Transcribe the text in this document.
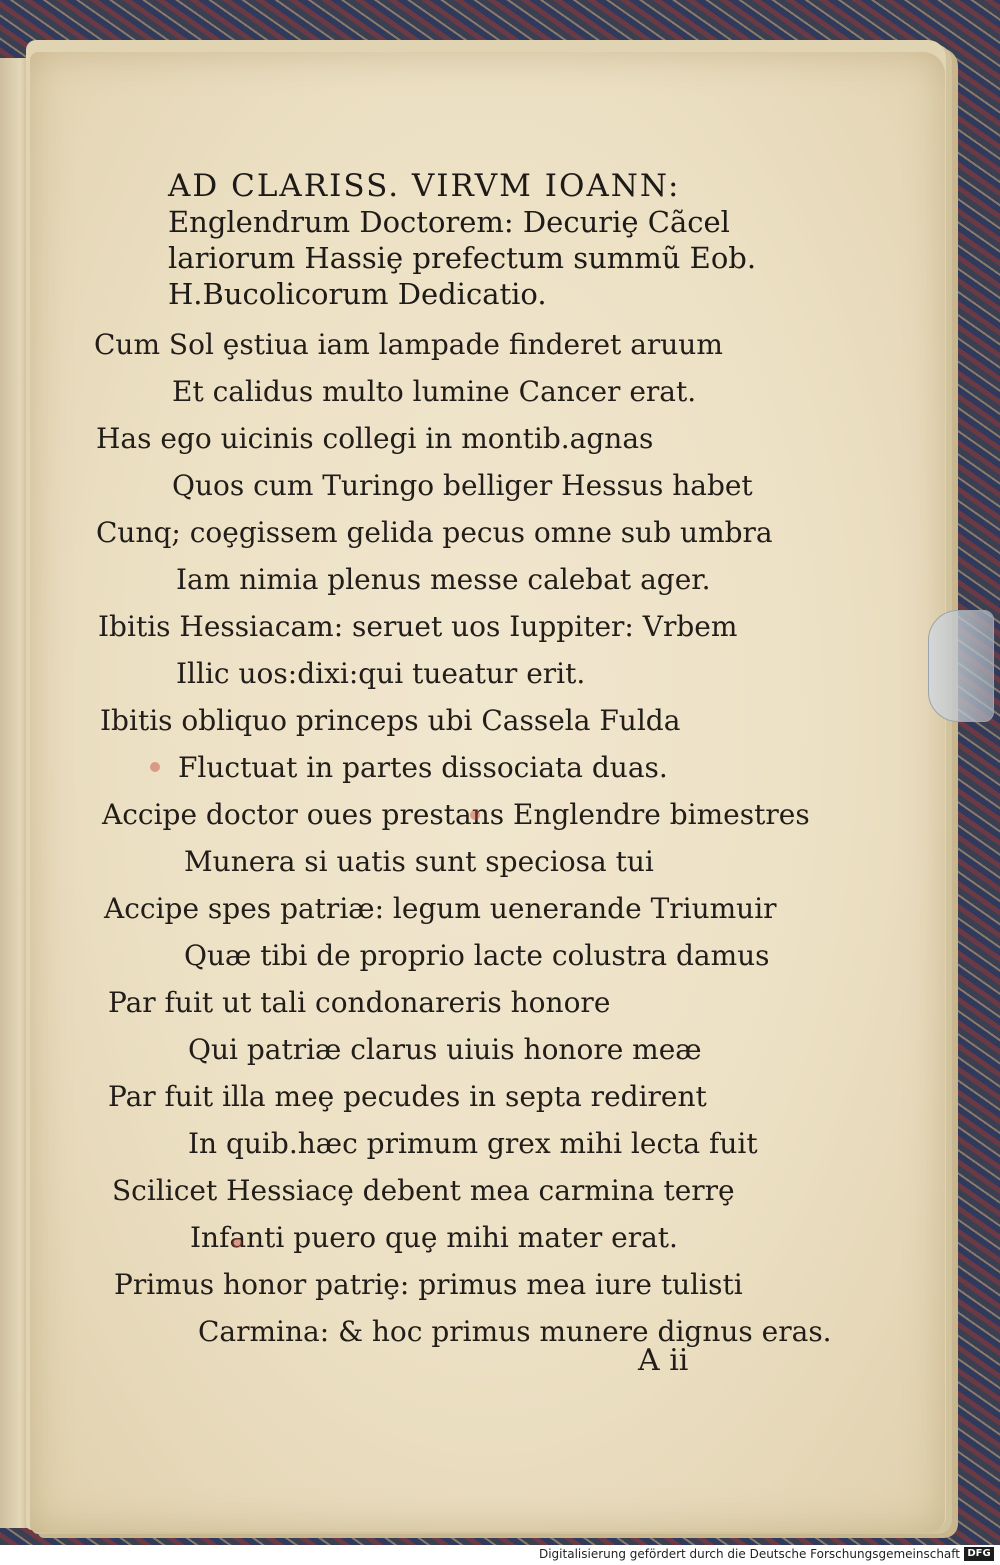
AD CLARISS. VIRVM IOANN:
Englendrum Doctorem: Decuriȩ Cãcel
lariorum Hassiȩ prefectum summũ Eob.
H.Bucolicorum Dedicatio.
Cum Sol ȩstiua iam lampade finderet aruum
Et calidus multo lumine Cancer erat.
Has ego uicinis collegi in montib.agnas
Quos cum Turingo belliger Hessus habet
Cunq; coȩgissem gelida pecus omne sub umbra
Iam nimia plenus messe calebat ager.
Ibitis Hessiacam: seruet uos Iuppiter: Vrbem
Illic uos:dixi:qui tueatur erit.
Ibitis obliquo princeps ubi Cassela Fulda
Fluctuat in partes dissociata duas.
Accipe doctor oues prestans Englendre bimestres
Munera si uatis sunt speciosa tui
Accipe spes patriæ: legum uenerande Triumuir
Quæ tibi de proprio lacte colustra damus
Par fuit ut tali condonareris honore
Qui patriæ clarus uiuis honore meæ
Par fuit illa meȩ pecudes in septa redirent
In quib.hæc primum grex mihi lecta fuit
Scilicet Hessiacȩ debent mea carmina terrȩ
Infanti puero quȩ mihi mater erat.
Primus honor patriȩ: primus mea iure tulisti
Carmina: & hoc primus munere dignus eras.
A ii
Digitalisierung gefördert durch die Deutsche Forschungsgemeinschaft DFG
